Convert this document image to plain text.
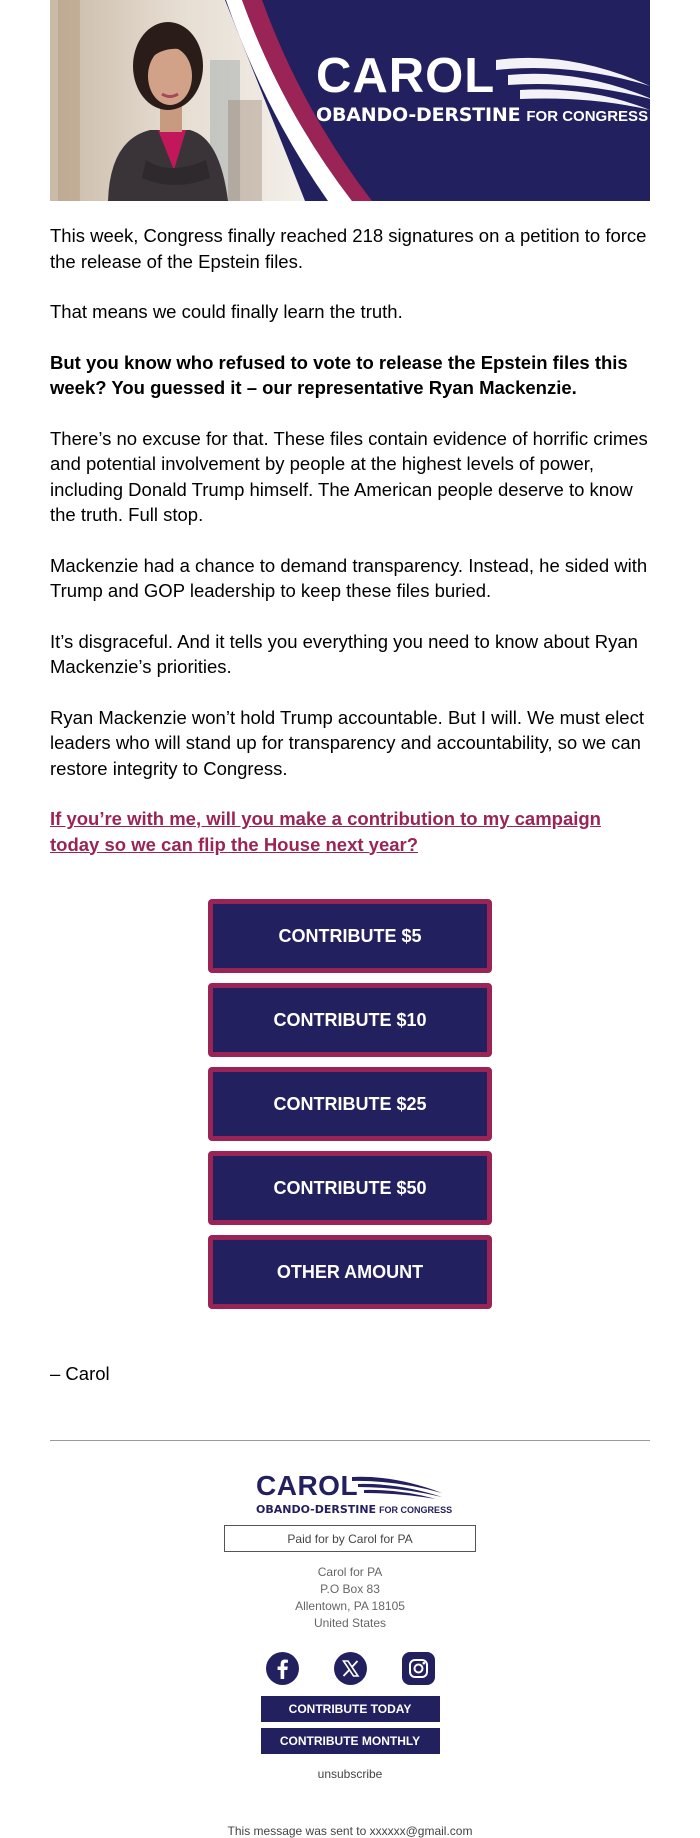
CAROL
OBANDO-DERSTINE FOR CONGRESS

This week, Congress finally reached 218 signatures on a petition to force the release of the Epstein files.

That means we could finally learn the truth.

But you know who refused to vote to release the Epstein files this week? You guessed it – our representative Ryan Mackenzie.

There’s no excuse for that. These files contain evidence of horrific crimes and potential involvement by people at the highest levels of power, including Donald Trump himself. The American people deserve to know the truth. Full stop.

Mackenzie had a chance to demand transparency. Instead, he sided with Trump and GOP leadership to keep these files buried.

It’s disgraceful. And it tells you everything you need to know about Ryan Mackenzie’s priorities.

Ryan Mackenzie won’t hold Trump accountable. But I will. We must elect leaders who will stand up for transparency and accountability, so we can restore integrity to Congress.

If you’re with me, will you make a contribution to my campaign today so we can flip the House next year?
CONTRIBUTE $5
CONTRIBUTE $10
CONTRIBUTE $25
CONTRIBUTE $50
OTHER AMOUNT
– Carol
CAROL
OBANDO-DERSTINE FOR CONGRESS
Paid for by Carol for PA
Carol for PA
P.O Box 83
Allentown, PA 18105
United States
CONTRIBUTE TODAY
CONTRIBUTE MONTHLY
unsubscribe
This message was sent to xxxxxx@gmail.com
